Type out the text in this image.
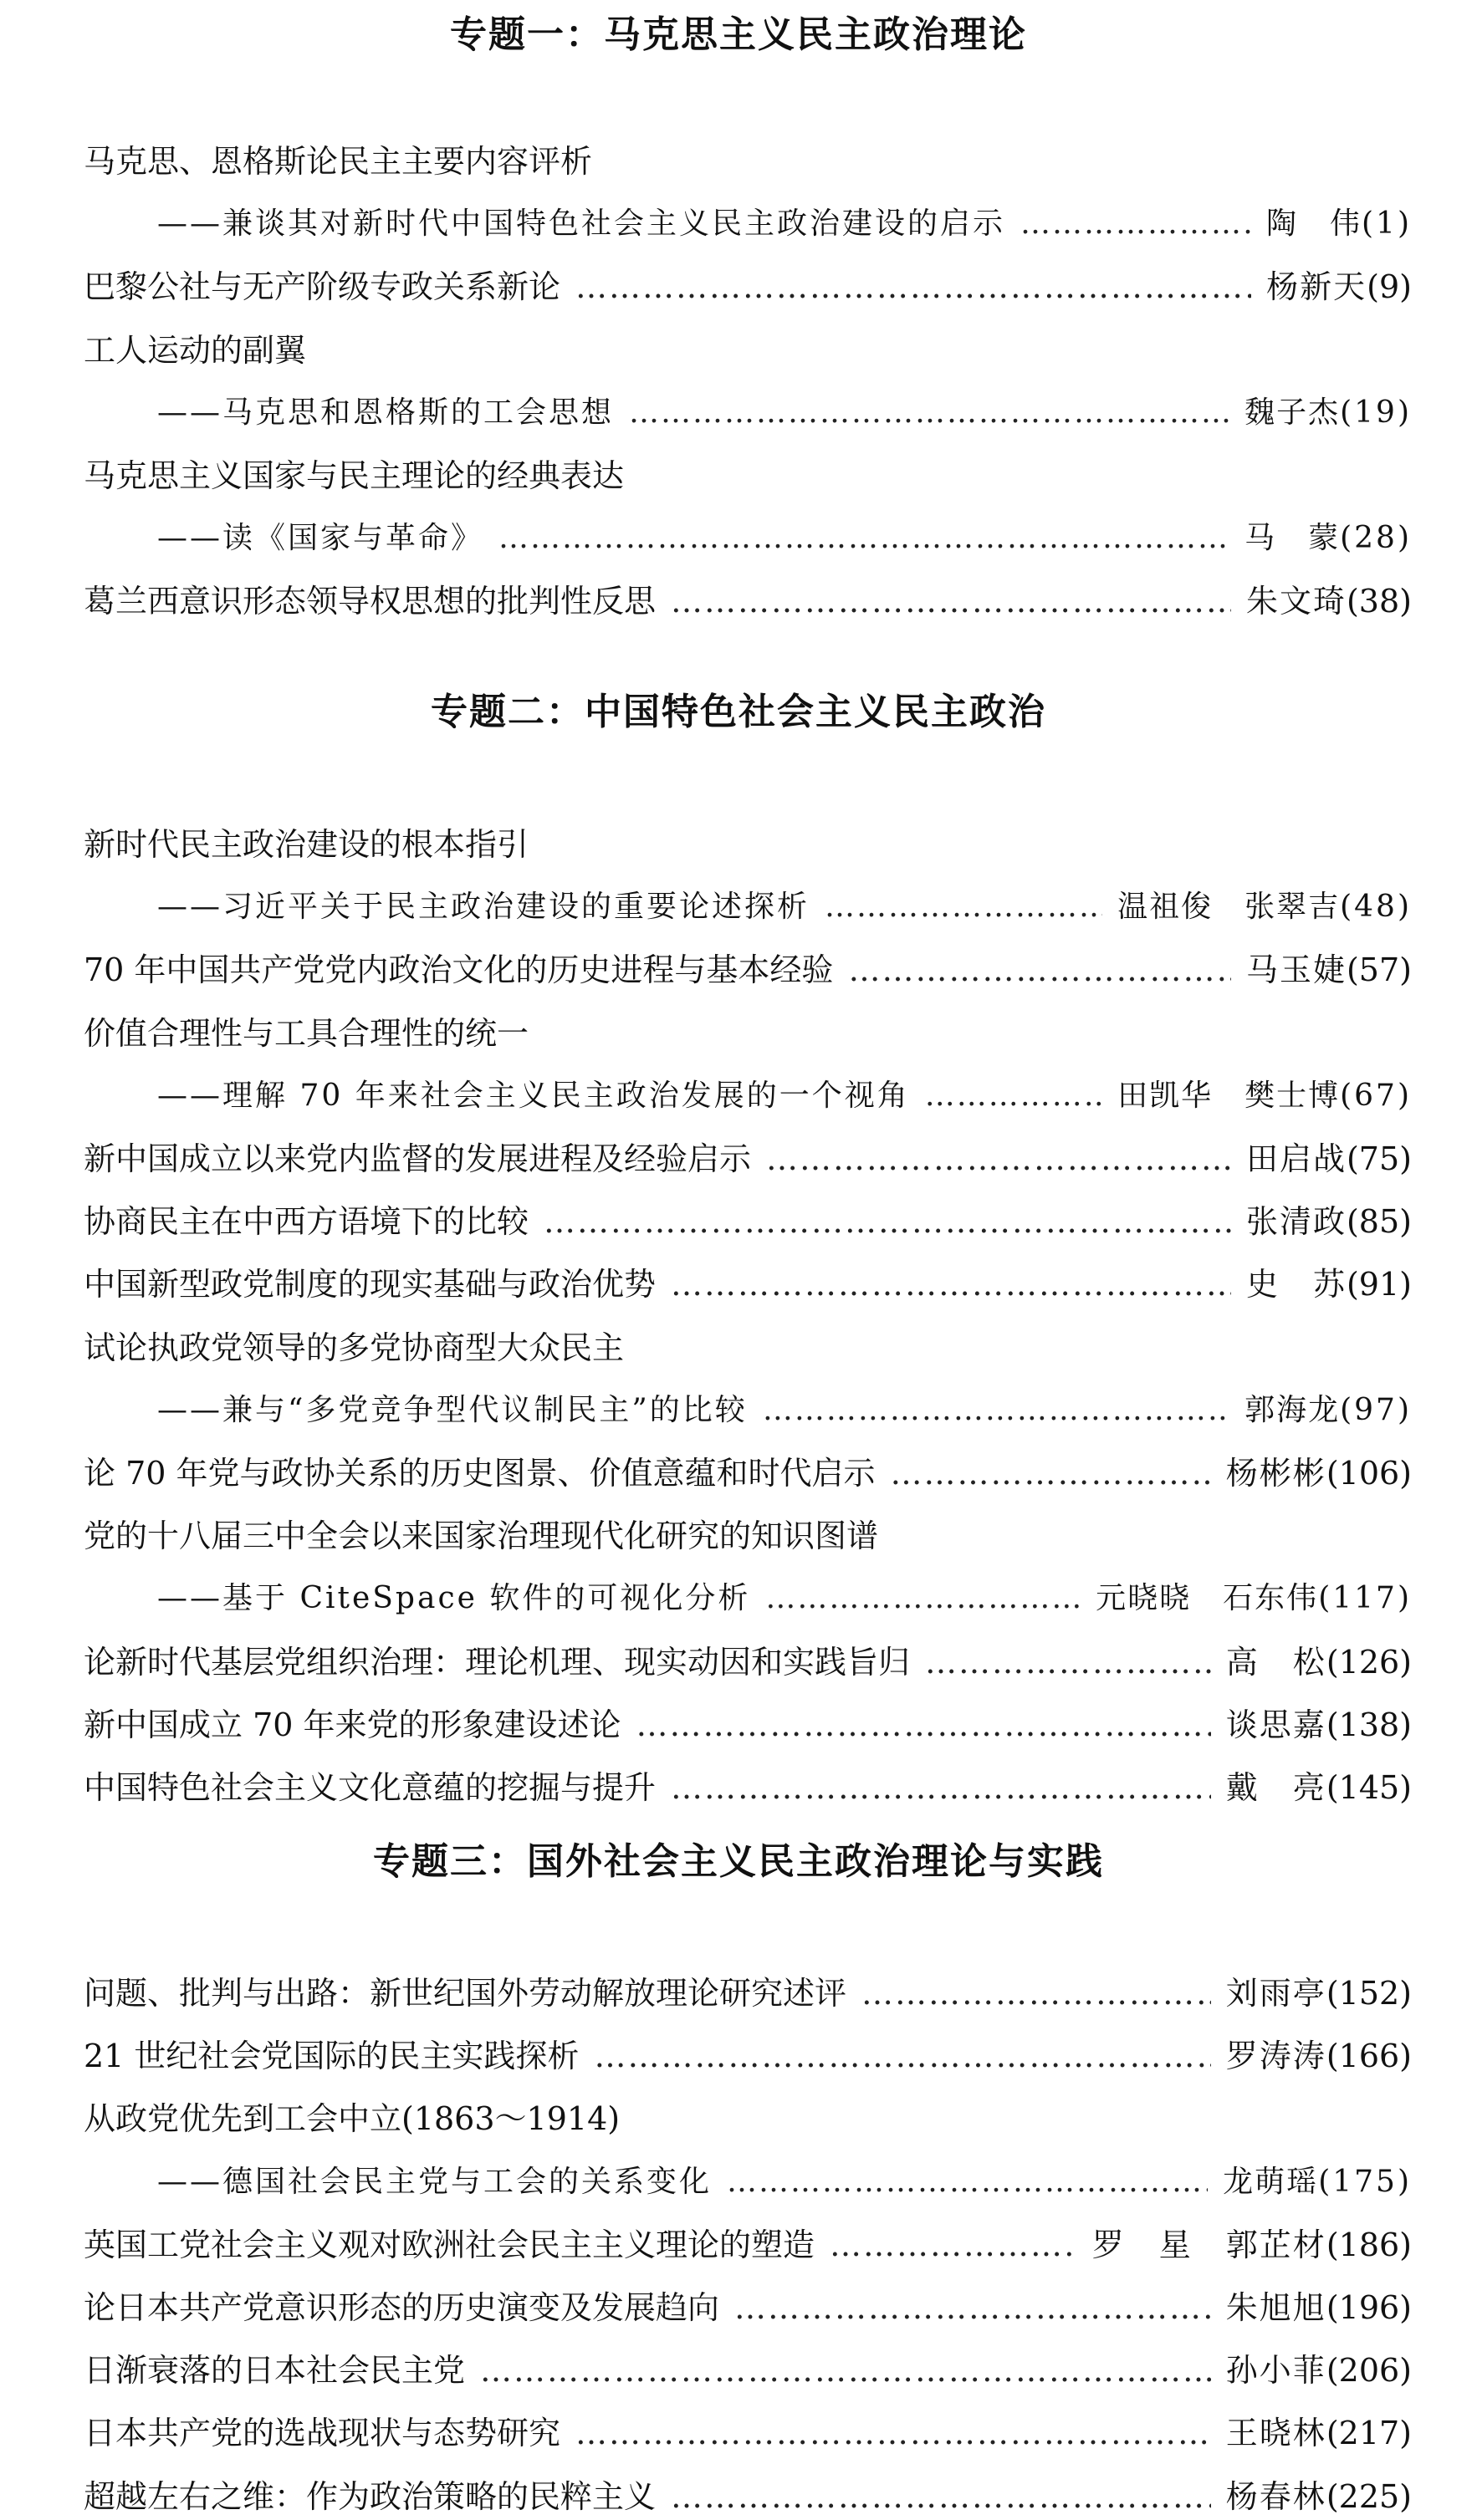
专题一：马克思主义民主政治理论
马克思、恩格斯论民主主要内容评析
——兼谈其对新时代中国特色社会主义民主政治建设的启示 …………………………………………………………………………………………………………………………………………………………………………………………………………………………	陶　伟 (1)
巴黎公社与无产阶级专政关系新论 …………………………………………………………………………………………………………………………………………………………………………………………………………………………	杨新天 (9)
工人运动的副翼
——马克思和恩格斯的工会思想 …………………………………………………………………………………………………………………………………………………………………………………………………………………………	魏子杰 (19)
马克思主义国家与民主理论的经典表达
——读《国家与革命》 …………………………………………………………………………………………………………………………………………………………………………………………………………………………	马　蒙 (28)
葛兰西意识形态领导权思想的批判性反思 …………………………………………………………………………………………………………………………………………………………………………………………………………………………	朱文琦 (38)
专题二：中国特色社会主义民主政治
新时代民主政治建设的根本指引
——习近平关于民主政治建设的重要论述探析 …………………………………………………………………………………………………………………………………………………………………………………………………………………………	温祖俊　张翠吉 (48)
70 年中国共产党党内政治文化的历史进程与基本经验 …………………………………………………………………………………………………………………………………………………………………………………………………………………………	马玉婕 (57)
价值合理性与工具合理性的统一
——理解 70 年来社会主义民主政治发展的一个视角 …………………………………………………………………………………………………………………………………………………………………………………………………………………………	田凯华　樊士博 (67)
新中国成立以来党内监督的发展进程及经验启示 …………………………………………………………………………………………………………………………………………………………………………………………………………………………	田启战 (75)
协商民主在中西方语境下的比较 …………………………………………………………………………………………………………………………………………………………………………………………………………………………	张清政 (85)
中国新型政党制度的现实基础与政治优势 …………………………………………………………………………………………………………………………………………………………………………………………………………………………	史　苏 (91)
试论执政党领导的多党协商型大众民主
——兼与“多党竞争型代议制民主”的比较 …………………………………………………………………………………………………………………………………………………………………………………………………………………………	郭海龙 (97)
论 70 年党与政协关系的历史图景、价值意蕴和时代启示 …………………………………………………………………………………………………………………………………………………………………………………………………………………………	杨彬彬 (106)
党的十八届三中全会以来国家治理现代化研究的知识图谱
——基于 CiteSpace 软件的可视化分析 …………………………………………………………………………………………………………………………………………………………………………………………………………………………	元晓晓　石东伟 (117)
论新时代基层党组织治理：理论机理、现实动因和实践旨归 …………………………………………………………………………………………………………………………………………………………………………………………………………………………	高　松 (126)
新中国成立 70 年来党的形象建设述论 …………………………………………………………………………………………………………………………………………………………………………………………………………………………	谈思嘉 (138)
中国特色社会主义文化意蕴的挖掘与提升 …………………………………………………………………………………………………………………………………………………………………………………………………………………………	戴　亮 (145)
专题三：国外社会主义民主政治理论与实践
问题、批判与出路：新世纪国外劳动解放理论研究述评 …………………………………………………………………………………………………………………………………………………………………………………………………………………………	刘雨亭 (152)
21 世纪社会党国际的民主实践探析 …………………………………………………………………………………………………………………………………………………………………………………………………………………………	罗涛涛 (166)
从政党优先到工会中立(1863～1914)
——德国社会民主党与工会的关系变化 …………………………………………………………………………………………………………………………………………………………………………………………………………………………	龙萌瑶 (175)
英国工党社会主义观对欧洲社会民主主义理论的塑造 …………………………………………………………………………………………………………………………………………………………………………………………………………………………	罗　星　郭芷材 (186)
论日本共产党意识形态的历史演变及发展趋向 …………………………………………………………………………………………………………………………………………………………………………………………………………………………	朱旭旭 (196)
日渐衰落的日本社会民主党 …………………………………………………………………………………………………………………………………………………………………………………………………………………………	孙小菲 (206)
日本共产党的选战现状与态势研究 …………………………………………………………………………………………………………………………………………………………………………………………………………………………	王晓林 (217)
超越左右之维：作为政治策略的民粹主义 …………………………………………………………………………………………………………………………………………………………………………………………………………………………	杨春林 (225)
